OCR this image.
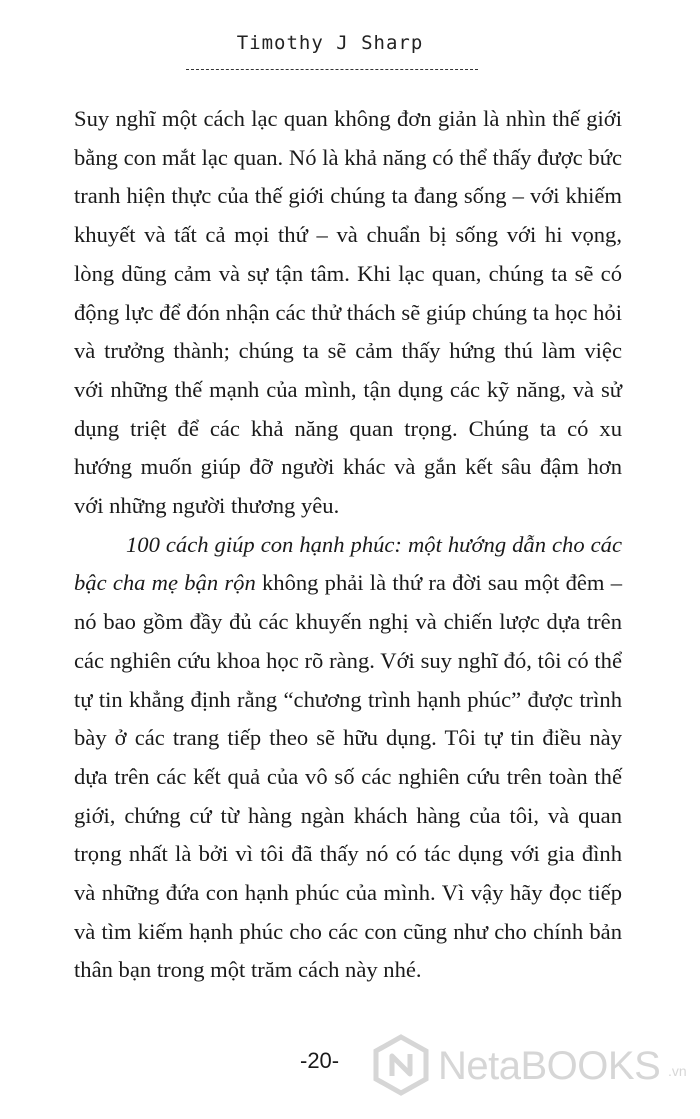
Timothy J Sharp

Suy nghĩ một cách lạc quan không đơn giản là nhìn thế giới bằng con mắt lạc quan. Nó là khả năng có thể thấy được bức tranh hiện thực của thế giới chúng ta đang sống – với khiếm khuyết và tất cả mọi thứ – và chuẩn bị sống với hi vọng, lòng dũng cảm và sự tận tâm. Khi lạc quan, chúng ta sẽ có động lực để đón nhận các thử thách sẽ giúp chúng ta học hỏi và trưởng thành; chúng ta sẽ cảm thấy hứng thú làm việc với những thế mạnh của mình, tận dụng các kỹ năng, và sử dụng triệt để các khả năng quan trọng. Chúng ta có xu hướng muốn giúp đỡ người khác và gắn kết sâu đậm hơn với những người thương yêu.

100 cách giúp con hạnh phúc: một hướng dẫn cho các bậc cha mẹ bận rộn không phải là thứ ra đời sau một đêm – nó bao gồm đầy đủ các khuyến nghị và chiến lược dựa trên các nghiên cứu khoa học rõ ràng. Với suy nghĩ đó, tôi có thể tự tin khẳng định rằng “chương trình hạnh phúc” được trình bày ở các trang tiếp theo sẽ hữu dụng. Tôi tự tin điều này dựa trên các kết quả của vô số các nghiên cứu trên toàn thế giới, chứng cứ từ hàng ngàn khách hàng của tôi, và quan trọng nhất là bởi vì tôi đã thấy nó có tác dụng với gia đình và những đứa con hạnh phúc của mình. Vì vậy hãy đọc tiếp và tìm kiếm hạnh phúc cho các con cũng như cho chính bản thân bạn trong một trăm cách này nhé.

-20- NetaBOOKS .vn
